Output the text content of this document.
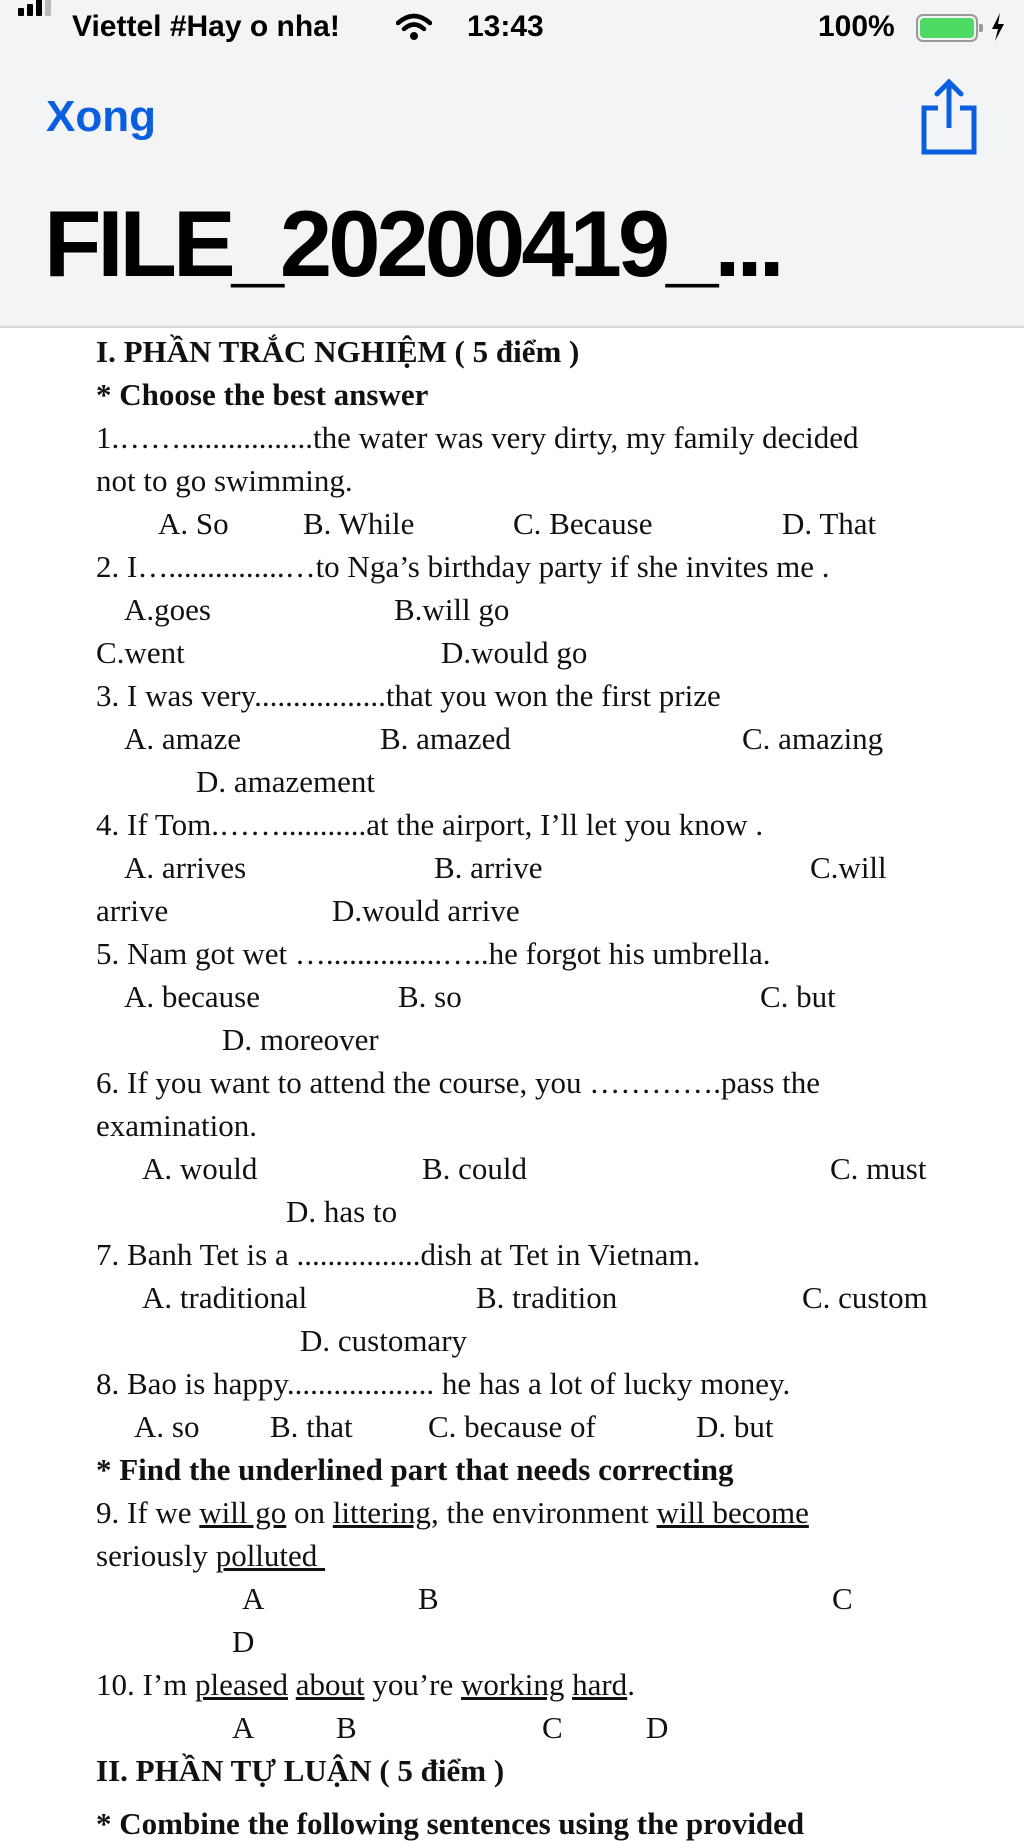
Viettel #Hay o nha!	13:43	100%
Xong
FILE_20200419_...
I. PHẦN TRẮC NGHIỆM ( 5 điểm )
* Choose the best answer
1.…….................the water was very dirty, my family decided
not to go swimming.
A. So B. While	C. Because	D. That
2. I…...............…to Nga’s birthday party if she invites me .
A.goes	B.will go
C.went	D.would go
3. I was very.................that you won the first prize
A. amaze	B. amazed	C. amazing
D. amazement
4. If Tom.……...........at the airport, I’ll let you know .
A. arrives	B. arrive	C.will
arrive	D.would arrive
5. Nam got wet …...............…..he forgot his umbrella.
A. because	B. so	C. but
D. moreover
6. If you want to attend the course, you ………….pass the
examination.
A. would	B. could	C. must
D. has to
7. Banh Tet is a ................dish at Tet in Vietnam.
A. traditional	B. tradition	C. custom
D. customary
8. Bao is happy................... he has a lot of lucky money.
A. so B. that C. because of	D. but
* Find the underlined part that needs correcting
9. If we will go on littering, the environment will become
seriously polluted
A	B	C
D
10. I’m pleased about you’re working hard.
A	B	C	D
II. PHẦN TỰ LUẬN ( 5 điểm )
* Combine the following sentences using the provided
